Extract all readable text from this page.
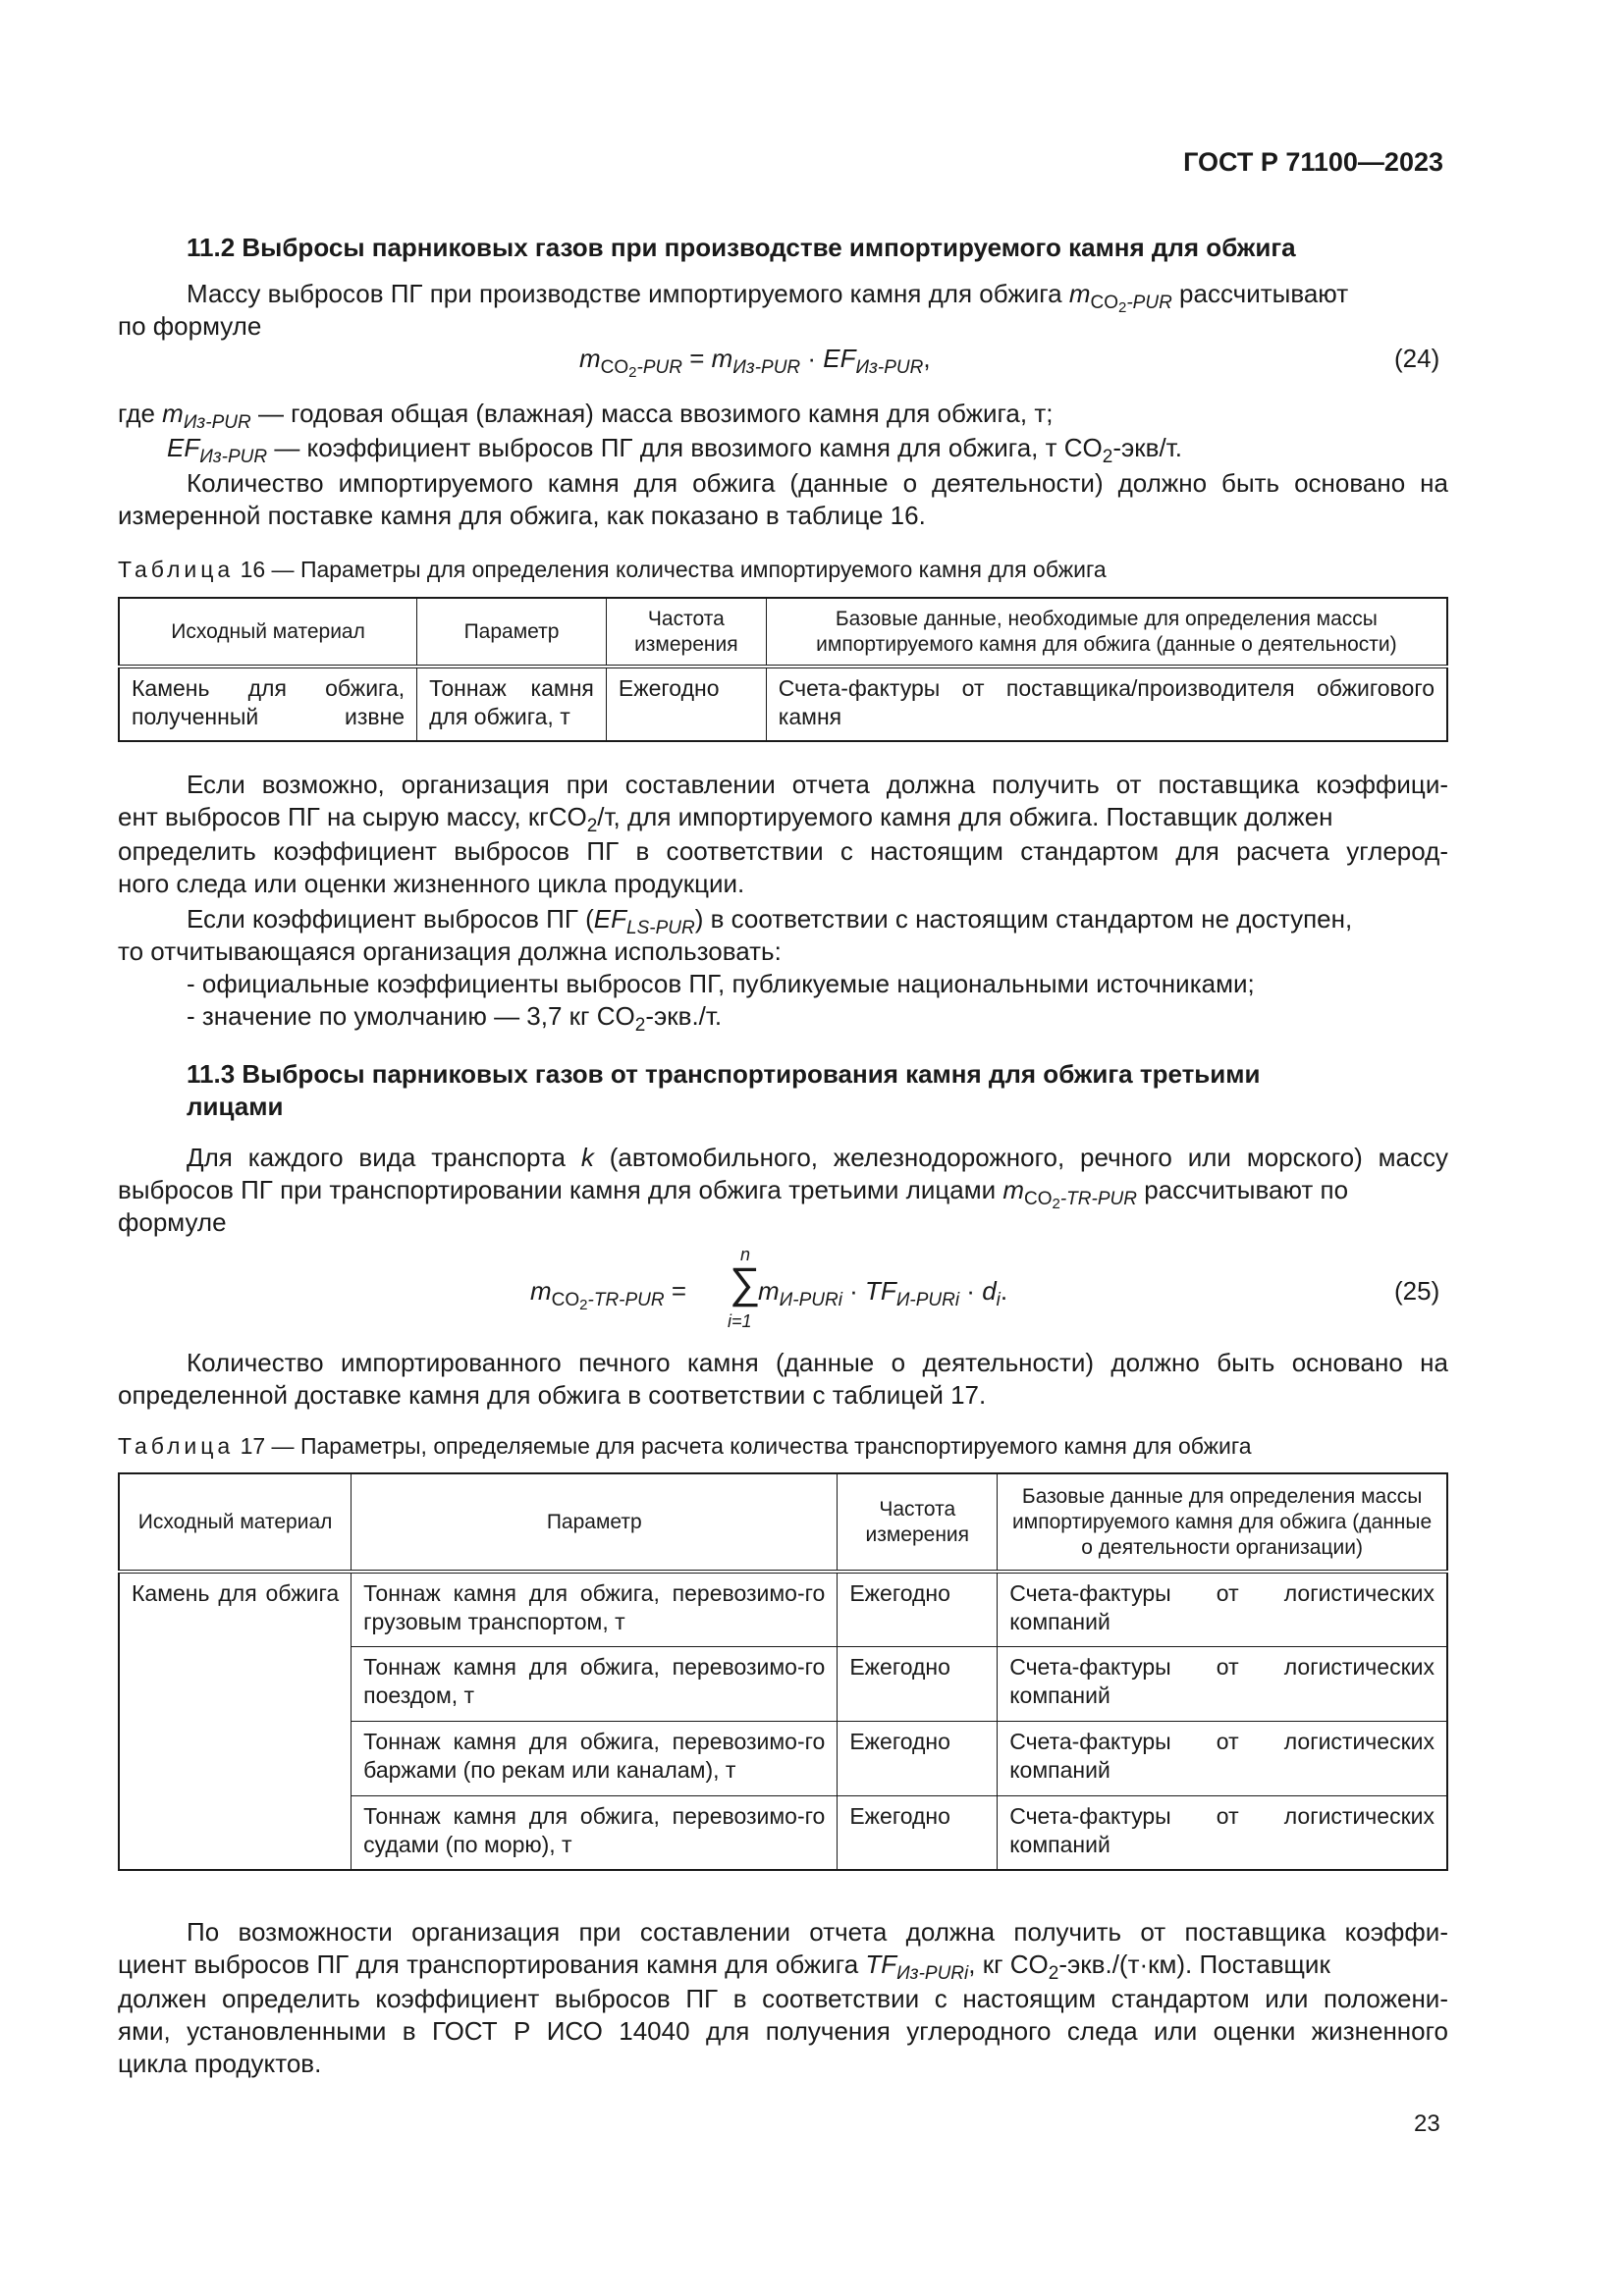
ГОСТ Р 71100—2023
11.2 Выбросы парниковых газов при производстве импортируемого камня для обжига
Массу выбросов ПГ при производстве импортируемого камня для обжига $m_{CO_2-PUR}$ рассчитывают
по формуле
$m_{CO_2-PUR} = m_{Из-PUR} \cdot EF_{Из-PUR}$,	(24)
где $m_{Из-PUR}$ — годовая общая (влажная) масса ввозимого камня для обжига, т;
$EF_{Из-PUR}$ — коэффициент выбросов ПГ для ввозимого камня для обжига, т $CO_2-экв/т$.
Количество импортируемого камня для обжига (данные о деятельности) должно быть основано на
измеренной поставке камня для обжига, как показано в таблице 16.
Таблица 16 — Параметры для определения количества импортируемого камня для обжига
Исходный материал	Параметр	Частота измерения	Базовые данные, необходимые для определения массы импортируемого камня для обжига (данные о деятельности)
Камень для обжига, полученный извне	Тоннаж камня для обжига, т	Ежегодно	Счета-фактуры от поставщика/производителя обжигового камня
Если возможно, организация при составлении отчета должна получить от поставщика коэффици-
ент выбросов ПГ на сырую массу, кгCO$_2$/т, для импортируемого камня для обжига. Поставщик должен
определить коэффициент выбросов ПГ в соответствии с настоящим стандартом для расчета углерод-
ного следа или оценки жизненного цикла продукции.
Если коэффициент выбросов ПГ $(EF_{LS-PUR})$ в соответствии с настоящим стандартом не доступен,
то отчитывающаяся организация должна использовать:
- официальные коэффициенты выбросов ПГ, публикуемые национальными источниками;
- значение по умолчанию — 3,7 кг $CO_2-экв./т$.
11.3 Выбросы парниковых газов от транспортирования камня для обжига третьими
лицами
Для каждого вида транспорта k (автомобильного, железнодорожного, речного или морского) массу
выбросов ПГ при транспортировании камня для обжига третьими лицами $m_{CO_2-TR-PUR}$ рассчитывают по
формуле
$m_{CO_2-TR-PUR}$ =
n
∑
i=1
$m_{И-PURi} \cdot TF_{И-PURi} \cdot d_i$.	(25)
Количество импортированного печного камня (данные о деятельности) должно быть основано на
определенной доставке камня для обжига в соответствии с таблицей 17.
Таблица 17 — Параметры, определяемые для расчета количества транспортируемого камня для обжига
Исходный материал	Параметр	Частота измерения	Базовые данные для определения массы импортируемого камня для обжига (данные о деятельности организации)
Камень для обжига	Тоннаж камня для обжига, перевозимо-го грузовым транспортом, т	Ежегодно	Счета-фактуры от логистических компаний
	Тоннаж камня для обжига, перевозимо-го поездом, т	Ежегодно	Счета-фактуры от логистических компаний
	Тоннаж камня для обжига, перевозимо-го баржами (по рекам или каналам), т	Ежегодно	Счета-фактуры от логистических компаний
	Тоннаж камня для обжига, перевозимо-го судами (по морю), т	Ежегодно	Счета-фактуры от логистических компаний
По возможности организация при составлении отчета должна получить от поставщика коэффи-
циент выбросов ПГ для транспортирования камня для обжига $TF_{Из-PURi}$, кг $CO_2-экв./(т\cdot км)$. Поставщик
должен определить коэффициент выбросов ПГ в соответствии с настоящим стандартом или положени-
ями, установленными в ГОСТ Р ИСО 14040 для получения углеродного следа или оценки жизненного
цикла продуктов.
23
